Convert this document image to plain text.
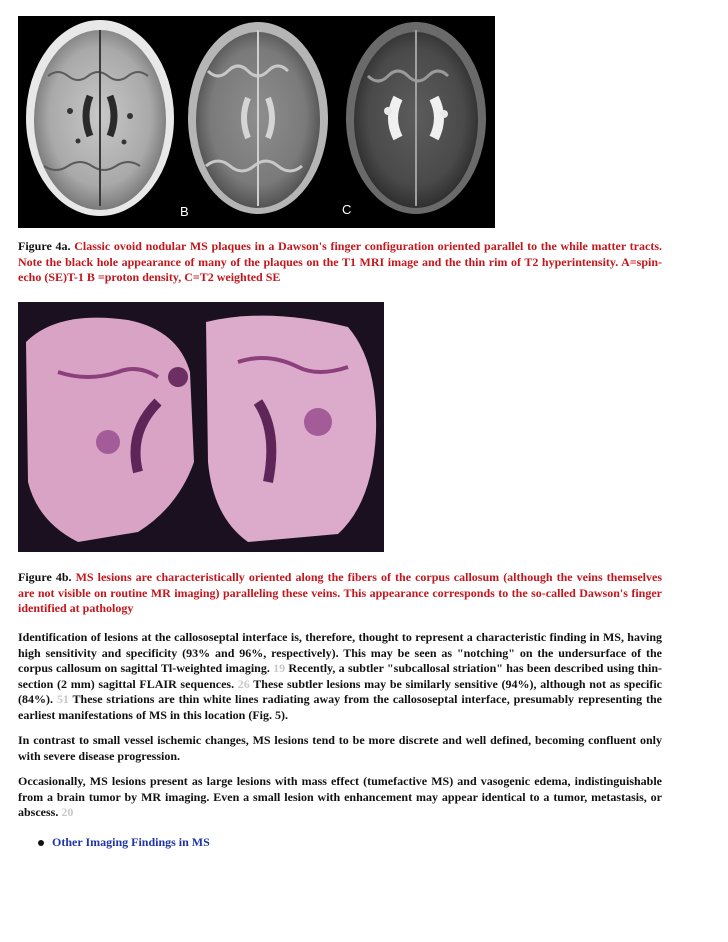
B	C

Figure 4a. Classic ovoid nodular MS plaques in a Dawson's finger configuration oriented parallel to the while matter tracts. Note the black hole appearance of many of the plaques on the T1 MRI image and the thin rim of T2 hyperintensity. A=spin-echo (SE)T-1 B =proton density, C=T2 weighted SE

Figure 4b. MS lesions are characteristically oriented along the fibers of the corpus callosum (although the veins themselves are not visible on routine MR imaging) paralleling these veins. This appearance corresponds to the so-called Dawson's finger identified at pathology

Identification of lesions at the callososeptal interface is, therefore, thought to represent a characteristic finding in MS, having high sensitivity and specificity (93% and 96%, respectively). This may be seen as "notching" on the undersurface of the corpus callosum on sagittal Tl-weighted imaging. 19 Recently, a subtler "subcallosal striation" has been described using thin-section (2 mm) sagittal FLAIR sequences. 26 These subtler lesions may be similarly sensitive (94%), although not as specific (84%). 51 These striations are thin white lines radiating away from the callososeptal interface, presumably representing the earliest manifestations of MS in this location (Fig. 5).

In contrast to small vessel ischemic changes, MS lesions tend to be more discrete and well defined, becoming confluent only with severe disease progression.

Occasionally, MS lesions present as large lesions with mass effect (tumefactive MS) and vasogenic edema, indistinguishable from a brain tumor by MR imaging. Even a small lesion with enhancement may appear identical to a tumor, metastasis, or abscess. 20

Other Imaging Findings in MS
